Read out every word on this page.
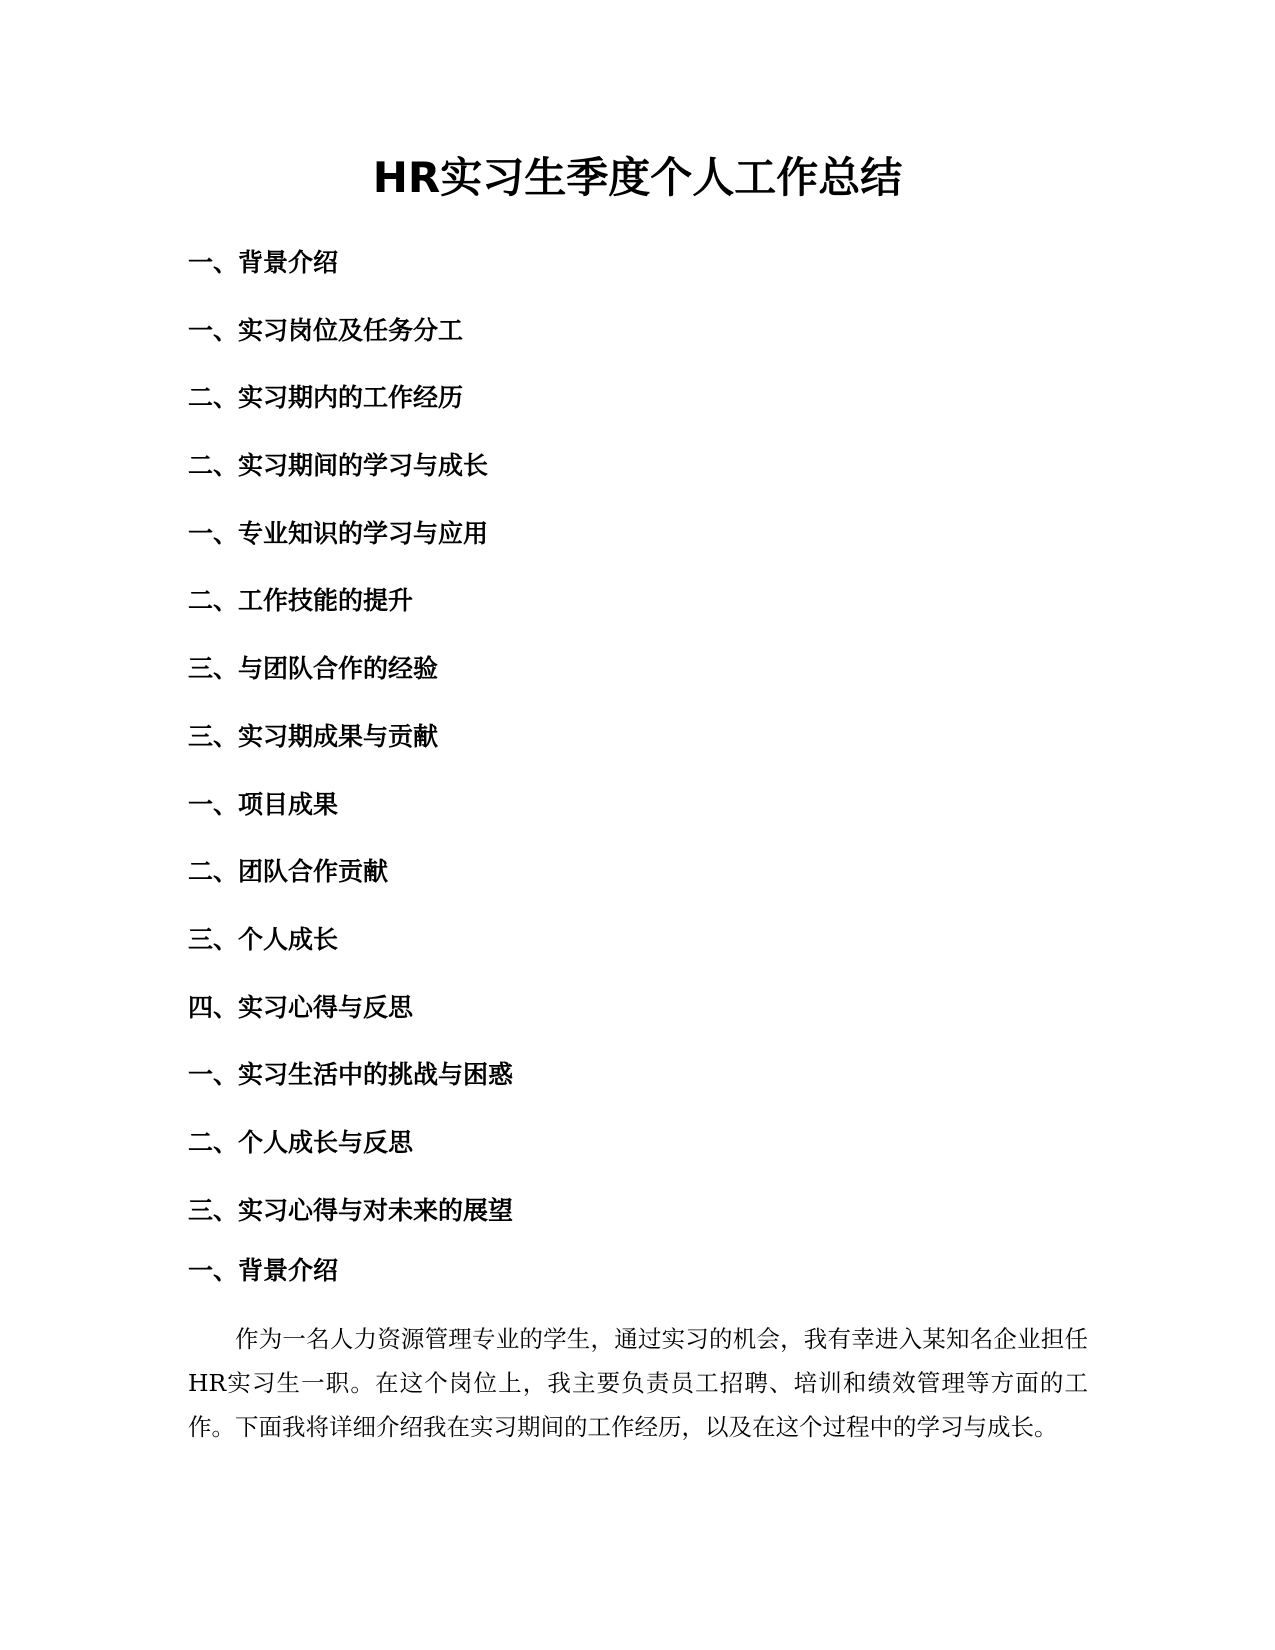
HR实习生季度个人工作总结
一、背景介绍
一、实习岗位及任务分工
二、实习期内的工作经历
二、实习期间的学习与成长
一、专业知识的学习与应用
二、工作技能的提升
三、与团队合作的经验
三、实习期成果与贡献
一、项目成果
二、团队合作贡献
三、个人成长
四、实习心得与反思
一、实习生活中的挑战与困惑
二、个人成长与反思
三、实习心得与对未来的展望
一、背景介绍

作为一名人力资源管理专业的学生，通过实习的机会，我有幸进入某知名企业担任HR实习生一职。在这个岗位上，我主要负责员工招聘、培训和绩效管理等方面的工作。下面我将详细介绍我在实习期间的工作经历，以及在这个过程中的学习与成长。
